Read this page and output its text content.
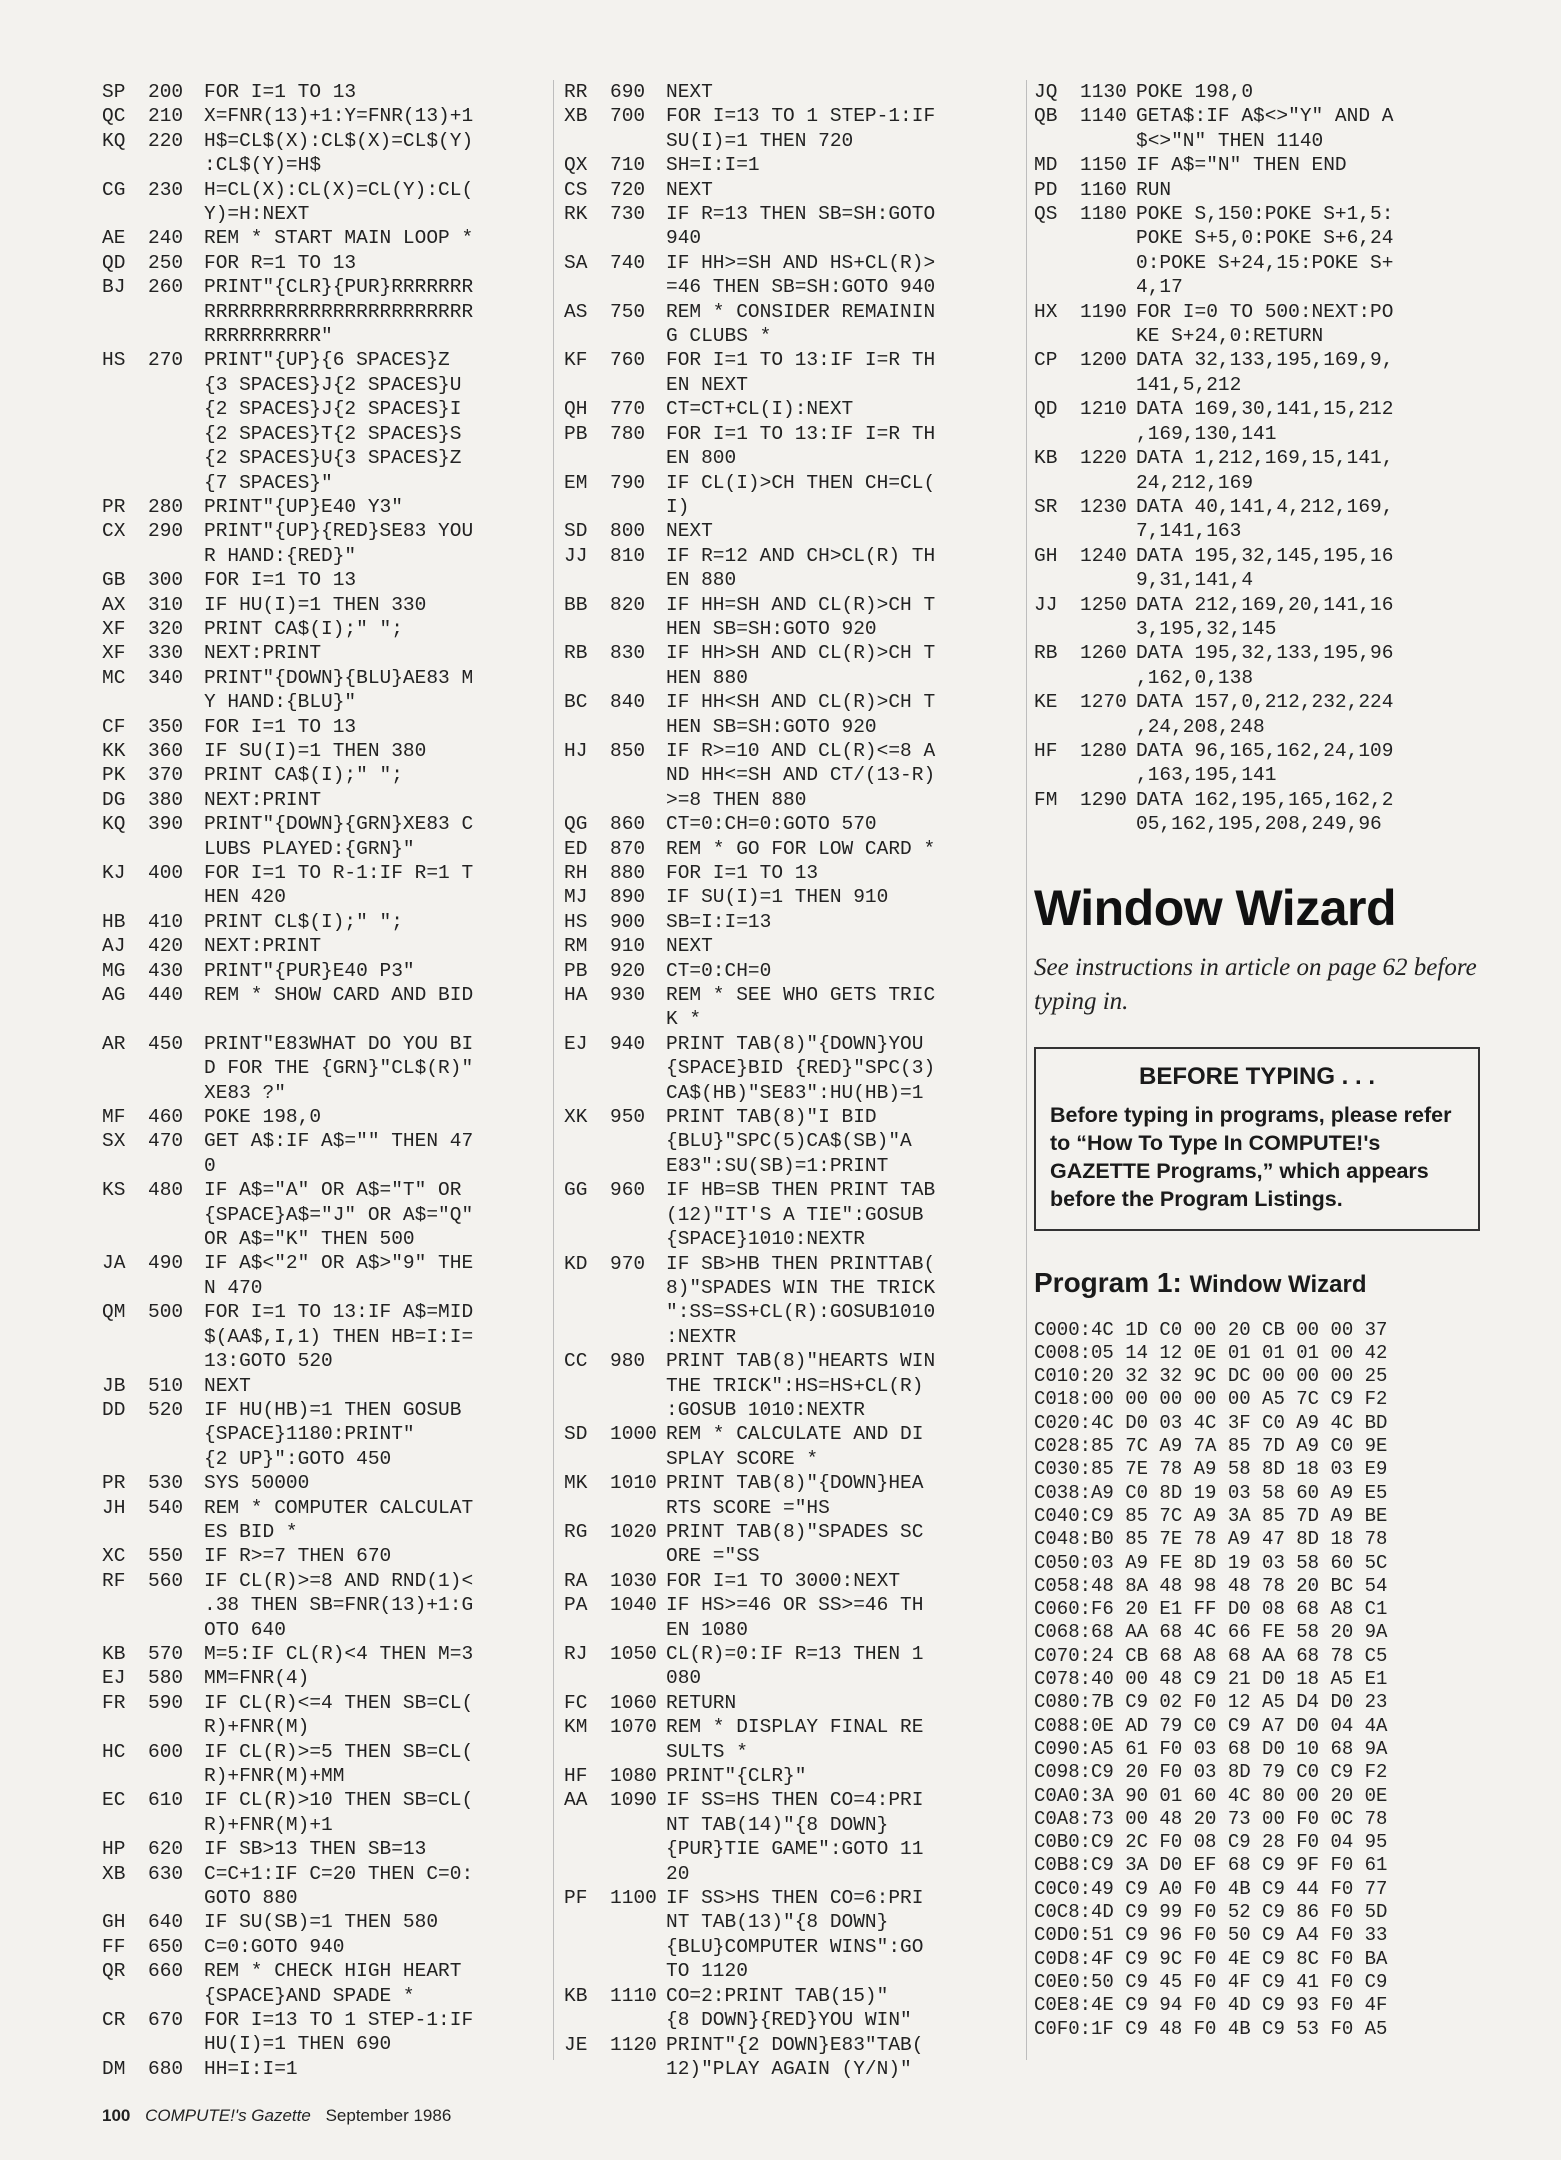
SP	200	FOR I=1 TO 13
QC	210	X=FNR(13)+1:Y=FNR(13)+1
KQ	220	H$=CL$(X):CL$(X)=CL$(Y)
:CL$(Y)=H$
CG	230	H=CL(X):CL(X)=CL(Y):CL(
Y)=H:NEXT
AE	240	REM * START MAIN LOOP *
QD	250	FOR R=1 TO 13
BJ	260	PRINT"{CLR}{PUR}RRRRRRR
RRRRRRRRRRRRRRRRRRRRRRR
RRRRRRRRRR"
HS	270	PRINT"{UP}{6 SPACES}Z
{3 SPACES}J{2 SPACES}U
{2 SPACES}J{2 SPACES}I
{2 SPACES}T{2 SPACES}S
{2 SPACES}U{3 SPACES}Z
{7 SPACES}"
PR	280	PRINT"{UP}E40 Y3"
CX	290	PRINT"{UP}{RED}SE83 YOU
R HAND:{RED}"
GB	300	FOR I=1 TO 13
AX	310	IF HU(I)=1 THEN 330
XF	320	PRINT CA$(I);" ";
XF	330	NEXT:PRINT
MC	340	PRINT"{DOWN}{BLU}AE83 M
Y HAND:{BLU}"
CF	350	FOR I=1 TO 13
KK	360	IF SU(I)=1 THEN 380
PK	370	PRINT CA$(I);" ";
DG	380	NEXT:PRINT
KQ	390	PRINT"{DOWN}{GRN}XE83 C
LUBS PLAYED:{GRN}"
KJ	400	FOR I=1 TO R-1:IF R=1 T
HEN 420
HB	410	PRINT CL$(I);" ";
AJ	420	NEXT:PRINT
MG	430	PRINT"{PUR}E40 P3"
AG	440	REM * SHOW CARD AND BID
AR	450	PRINT"E83WHAT DO YOU BI
D FOR THE {GRN}"CL$(R)"
XE83 ?"
MF	460	POKE 198,0
SX	470	GET A$:IF A$="" THEN 47
0
KS	480	IF A$="A" OR A$="T" OR
{SPACE}A$="J" OR A$="Q"
OR A$="K" THEN 500
JA	490	IF A$<"2" OR A$>"9" THE
N 470
QM	500	FOR I=1 TO 13:IF A$=MID
$(AA$,I,1) THEN HB=I:I=
13:GOTO 520
JB	510	NEXT
DD	520	IF HU(HB)=1 THEN GOSUB
{SPACE}1180:PRINT"
{2 UP}":GOTO 450
PR	530	SYS 50000
JH	540	REM * COMPUTER CALCULAT
ES BID *
XC	550	IF R>=7 THEN 670
RF	560	IF CL(R)>=8 AND RND(1)<
.38 THEN SB=FNR(13)+1:G
OTO 640
KB	570	M=5:IF CL(R)<4 THEN M=3
EJ	580	MM=FNR(4)
FR	590	IF CL(R)<=4 THEN SB=CL(
R)+FNR(M)
HC	600	IF CL(R)>=5 THEN SB=CL(
R)+FNR(M)+MM
EC	610	IF CL(R)>10 THEN SB=CL(
R)+FNR(M)+1
HP	620	IF SB>13 THEN SB=13
XB	630	C=C+1:IF C=20 THEN C=0:
GOTO 880
GH	640	IF SU(SB)=1 THEN 580
FF	650	C=0:GOTO 940
QR	660	REM * CHECK HIGH HEART
{SPACE}AND SPADE *
CR	670	FOR I=13 TO 1 STEP-1:IF
HU(I)=1 THEN 690
DM	680	HH=I:I=1
RR	690	NEXT
XB	700	FOR I=13 TO 1 STEP-1:IF
SU(I)=1 THEN 720
QX	710	SH=I:I=1
CS	720	NEXT
RK	730	IF R=13 THEN SB=SH:GOTO
940
SA	740	IF HH>=SH AND HS+CL(R)>
=46 THEN SB=SH:GOTO 940
AS	750	REM * CONSIDER REMAININ
G CLUBS *
KF	760	FOR I=1 TO 13:IF I=R TH
EN NEXT
QH	770	CT=CT+CL(I):NEXT
PB	780	FOR I=1 TO 13:IF I=R TH
EN 800
EM	790	IF CL(I)>CH THEN CH=CL(
I)
SD	800	NEXT
JJ	810	IF R=12 AND CH>CL(R) TH
EN 880
BB	820	IF HH=SH AND CL(R)>CH T
HEN SB=SH:GOTO 920
RB	830	IF HH>SH AND CL(R)>CH T
HEN 880
BC	840	IF HH<SH AND CL(R)>CH T
HEN SB=SH:GOTO 920
HJ	850	IF R>=10 AND CL(R)<=8 A
ND HH<=SH AND CT/(13-R)
>=8 THEN 880
QG	860	CT=0:CH=0:GOTO 570
ED	870	REM * GO FOR LOW CARD *
RH	880	FOR I=1 TO 13
MJ	890	IF SU(I)=1 THEN 910
HS	900	SB=I:I=13
RM	910	NEXT
PB	920	CT=0:CH=0
HA	930	REM * SEE WHO GETS TRIC
K *
EJ	940	PRINT TAB(8)"{DOWN}YOU
{SPACE}BID {RED}"SPC(3)
CA$(HB)"SE83":HU(HB)=1
XK	950	PRINT TAB(8)"I BID
{BLU}"SPC(5)CA$(SB)"A
E83":SU(SB)=1:PRINT
GG	960	IF HB=SB THEN PRINT TAB
(12)"IT'S A TIE":GOSUB
{SPACE}1010:NEXTR
KD	970	IF SB>HB THEN PRINTTAB(
8)"SPADES WIN THE TRICK
":SS=SS+CL(R):GOSUB1010
:NEXTR
CC	980	PRINT TAB(8)"HEARTS WIN
THE TRICK":HS=HS+CL(R)
:GOSUB 1010:NEXTR
SD	1000 REM * CALCULATE AND DI
SPLAY SCORE *
MK	1010 PRINT TAB(8)"{DOWN}HEA
RTS SCORE ="HS
RG	1020 PRINT TAB(8)"SPADES SC
ORE ="SS
RA	1030 FOR I=1 TO 3000:NEXT
PA	1040 IF HS>=46 OR SS>=46 TH
EN 1080
RJ	1050 CL(R)=0:IF R=13 THEN 1
080
FC	1060 RETURN
KM	1070 REM * DISPLAY FINAL RE
SULTS *
HF	1080 PRINT"{CLR}"
AA	1090 IF SS=HS THEN CO=4:PRI
NT TAB(14)"{8 DOWN}
{PUR}TIE GAME":GOTO 11
20
PF	1100 IF SS>HS THEN CO=6:PRI
NT TAB(13)"{8 DOWN}
{BLU}COMPUTER WINS":GO
TO 1120
KB	1110 CO=2:PRINT TAB(15)"
{8 DOWN}{RED}YOU WIN"
JE	1120 PRINT"{2 DOWN}E83"TAB(
12)"PLAY AGAIN (Y/N)"
JQ	1130 POKE 198,0
QB	1140 GETA$:IF A$<>"Y" AND A
$<>"N" THEN 1140
MD	1150 IF A$="N" THEN END
PD	1160 RUN
QS	1180 POKE S,150:POKE S+1,5:
POKE S+5,0:POKE S+6,24
0:POKE S+24,15:POKE S+
4,17
HX	1190 FOR I=0 TO 500:NEXT:PO
KE S+24,0:RETURN
CP	1200 DATA 32,133,195,169,9,
141,5,212
QD	1210 DATA 169,30,141,15,212
,169,130,141
KB	1220 DATA 1,212,169,15,141,
24,212,169
SR	1230 DATA 40,141,4,212,169,
7,141,163
GH	1240 DATA 195,32,145,195,16
9,31,141,4
JJ	1250 DATA 212,169,20,141,16
3,195,32,145
RB	1260 DATA 195,32,133,195,96
,162,0,138
KE	1270 DATA 157,0,212,232,224
,24,208,248
HF	1280 DATA 96,165,162,24,109
,163,195,141
FM	1290 DATA 162,195,165,162,2
05,162,195,208,249,96
Window Wizard
See instructions in article on page 62 before typing in.
BEFORE TYPING . . .
Before typing in programs, please refer to “How To Type In COMPUTE!'s GAZETTE Programs,” which appears before the Program Listings.
Program 1: Window Wizard
C000:4C 1D C0 00 20 CB 00 00 37
C008:05 14 12 0E 01 01 01 00 42
C010:20 32 32 9C DC 00 00 00 25
C018:00 00 00 00 00 A5 7C C9 F2
C020:4C D0 03 4C 3F C0 A9 4C BD
C028:85 7C A9 7A 85 7D A9 C0 9E
C030:85 7E 78 A9 58 8D 18 03 E9
C038:A9 C0 8D 19 03 58 60 A9 E5
C040:C9 85 7C A9 3A 85 7D A9 BE
C048:B0 85 7E 78 A9 47 8D 18 78
C050:03 A9 FE 8D 19 03 58 60 5C
C058:48 8A 48 98 48 78 20 BC 54
C060:F6 20 E1 FF D0 08 68 A8 C1
C068:68 AA 68 4C 66 FE 58 20 9A
C070:24 CB 68 A8 68 AA 68 78 C5
C078:40 00 48 C9 21 D0 18 A5 E1
C080:7B C9 02 F0 12 A5 D4 D0 23
C088:0E AD 79 C0 C9 A7 D0 04 4A
C090:A5 61 F0 03 68 D0 10 68 9A
C098:C9 20 F0 03 8D 79 C0 C9 F2
C0A0:3A 90 01 60 4C 80 00 20 0E
C0A8:73 00 48 20 73 00 F0 0C 78
C0B0:C9 2C F0 08 C9 28 F0 04 95
C0B8:C9 3A D0 EF 68 C9 9F F0 61
C0C0:49 C9 A0 F0 4B C9 44 F0 77
C0C8:4D C9 99 F0 52 C9 86 F0 5D
C0D0:51 C9 96 F0 50 C9 A4 F0 33
C0D8:4F C9 9C F0 4E C9 8C F0 BA
C0E0:50 C9 45 F0 4F C9 41 F0 C9
C0E8:4E C9 94 F0 4D C9 93 F0 4F
C0F0:1F C9 48 F0 4B C9 53 F0 A5
100 COMPUTE!'s Gazette September 1986
